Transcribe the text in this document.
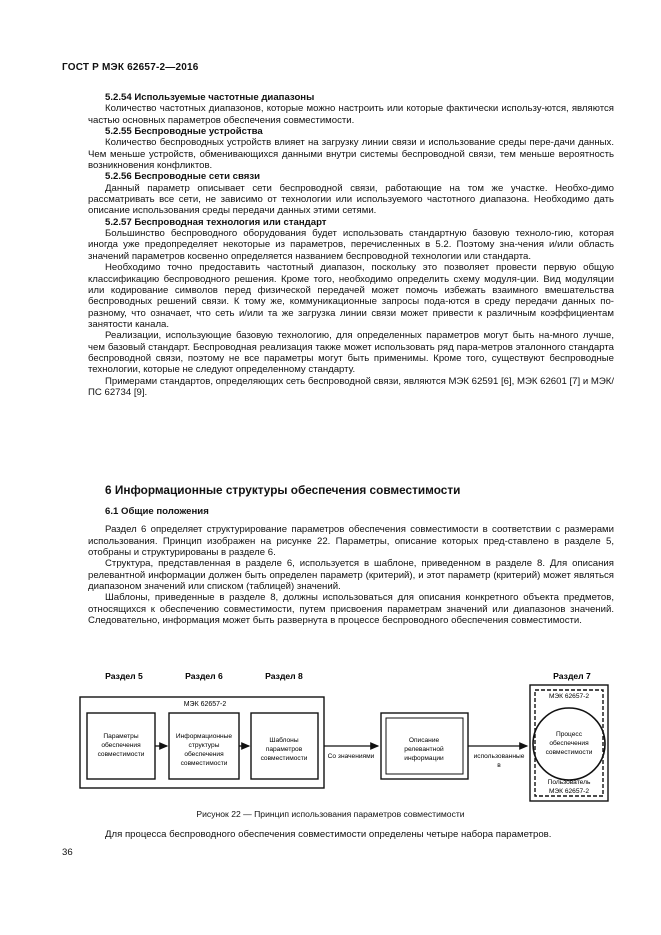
ГОСТ Р МЭК 62657-2—2016
5.2.54 Используемые частотные диапазоны

Количество частотных диапазонов, которые можно настроить или которые фактически использу-ются, являются частью основных параметров обеспечения совместимости.

5.2.55 Беспроводные устройства

Количество беспроводных устройств влияет на загрузку линии связи и использование среды пере-дачи данных. Чем меньше устройств, обменивающихся данными внутри системы беспроводной связи, тем меньше вероятность возникновения конфликтов.

5.2.56 Беспроводные сети связи

Данный параметр описывает сети беспроводной связи, работающие на том же участке. Необхо-димо рассматривать все сети, не зависимо от технологии или используемого частотного диапазона. Необходимо дать описание использования среды передачи данных этими сетями.

5.2.57 Беспроводная технология или стандарт

Большинство беспроводного оборудования будет использовать стандартную базовую техноло-гию, которая иногда уже предопределяет некоторые из параметров, перечисленных в 5.2. Поэтому зна-чения и/или область значений параметров косвенно определяется названием беспроводной технологии или стандарта.

Необходимо точно предоставить частотный диапазон, поскольку это позволяет провести первую общую классификацию беспроводного решения. Кроме того, необходимо определить схему модуля-ции. Вид модуляции или кодирование символов перед физической передачей может помочь избежать взаимного вмешательства беспроводных решений связи. К тому же, коммуникационные запросы пода-ются в среду передачи данных по-разному, что означает, что сеть и/или та же загрузка линии связи может привести к различным коэффициентам занятости канала.

Реализации, использующие базовую технологию, для определенных параметров могут быть на-много лучше, чем базовый стандарт. Беспроводная реализация также может использовать ряд пара-метров эталонного стандарта беспроводной связи, поэтому не все параметры могут быть применимы. Кроме того, существуют беспроводные технологии, которые не следуют определенному стандарту.

Примерами стандартов, определяющих сеть беспроводной связи, являются МЭК 62591 [6], МЭК 62601 [7] и МЭК/ПС 62734 [9].

6 Информационные структуры обеспечения совместимости
6.1 Общие положения

Раздел 6 определяет структурирование параметров обеспечения совместимости в соответствии с размерами использования. Принцип изображен на рисунке 22. Параметры, описание которых пред-ставлено в разделе 5, отобраны и структурированы в разделе 6.

Структура, представленная в разделе 6, используется в шаблоне, приведенном в разделе 8. Для описания релевантной информации должен быть определен параметр (критерий), и этот параметр (критерий) может являться диапазоном значений или списком (таблицей) значений.

Шаблоны, приведенные в разделе 8, должны использоваться для описания конкретного объекта предметов, относящихся к обеспечению совместимости, путем присвоения параметрам значений или диапазонов значений. Следовательно, информация может быть развернута в процессе беспроводного обеспечения совместимости.

Раздел 5	Раздел 6	Раздел 8	Раздел 7
МЭК 62657-2
Параметры
обеспечения
совместимости
Информационные
структуры
обеспечения
совместимости
Шаблоны
параметров
совместимости	Со значениями
Описание
релевантной
информации	использованные
в
МЭК 62657-2
Процесс
обеспечения
совместимости
Пользователь
МЭК 62657-2
Рисунок 22 — Принцип использования параметров совместимости
Для процесса беспроводного обеспечения совместимости определены четыре набора параметров.
36
